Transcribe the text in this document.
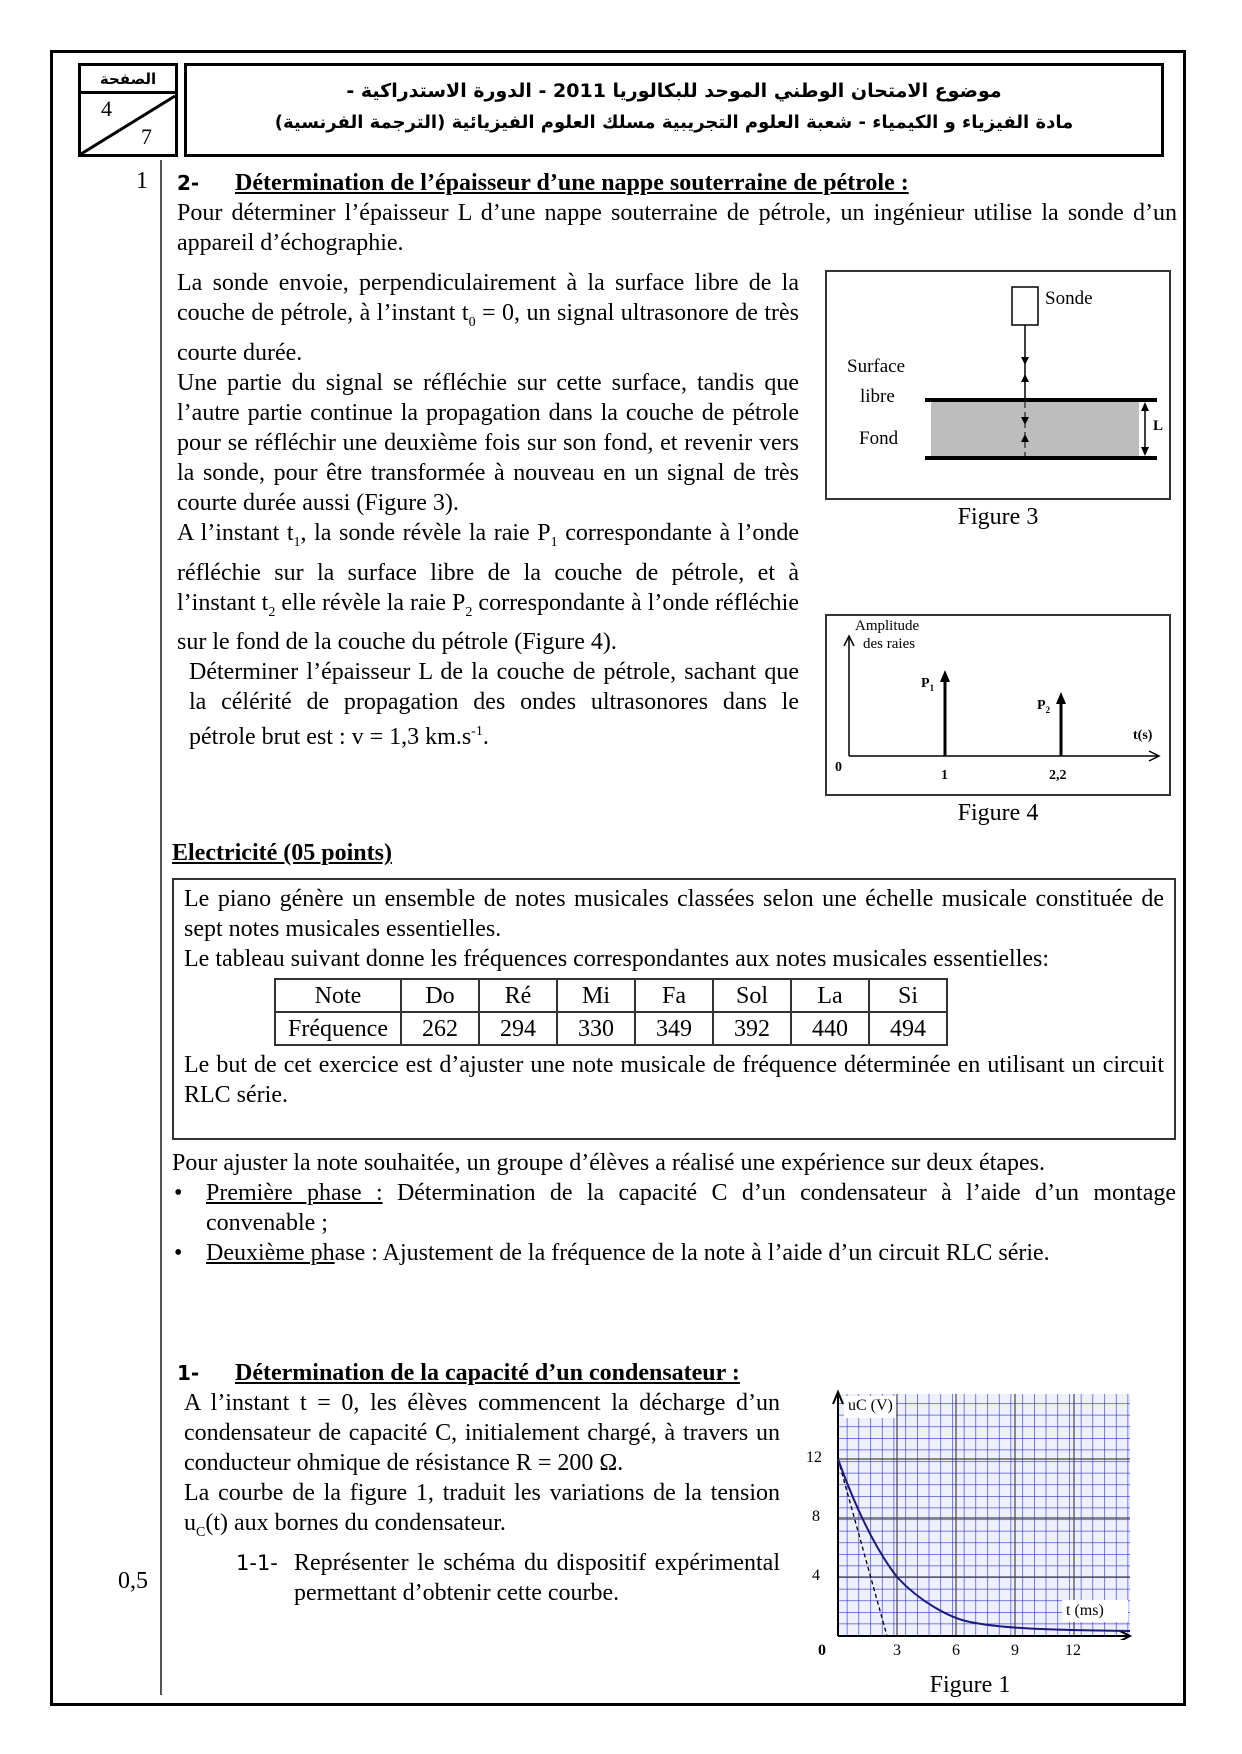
الصفحة
4
7
موضوع الامتحان الوطني الموحد للبكالوريا 2011 - الدورة الاستدراكية -
مادة الفيزياء و الكيمياء - شعبة العلوم التجريبية مسلك العلوم الفيزيائية (الترجمة الفرنسية)
1
0,5
2- Détermination de l’épaisseur d’une nappe souterraine de pétrole :

Pour déterminer l’épaisseur L d’une nappe souterraine de pétrole, un ingénieur utilise la sonde d’un appareil d’échographie.

La sonde envoie, perpendiculairement à la surface libre de la couche de pétrole, à l’instant $t_0 = 0$, un signal ultrasonore de très courte durée.

Une partie du signal se réfléchie sur cette surface, tandis que l’autre partie continue la propagation dans la couche de pétrole pour se réfléchir une deuxième fois sur son fond, et revenir vers la sonde, pour être transformée à nouveau en un signal de très courte durée aussi (Figure 3).

A l’instant $t_1$, la sonde révèle la raie $P_1$ correspondante à l’onde réfléchie sur la surface libre de la couche de pétrole, et à l’instant $t_2$ elle révèle la raie $P_2$ correspondante à l’onde réfléchie sur le fond de la couche du pétrole (Figure 4).

Déterminer l’épaisseur L de la couche de pétrole, sachant que la célérité de propagation des ondes ultrasonores dans le pétrole brut est : v = 1,3 $km.s^{-1}$.

Sonde
Surface
libre
Fond
L
Figure 3
Amplitude
des raies
$P_1$
$P_2$
t(s)
0
1	2,2
Figure 4
Electricité (05 points)

Le piano génère un ensemble de notes musicales classées selon une échelle musicale constituée de sept notes musicales essentielles.

Le tableau suivant donne les fréquences correspondantes aux notes musicales essentielles:

Note	Do	Ré	Mi	Fa	Sol	La	Si
Fréquence	262	294	330	349	392	440	494

Le but de cet exercice est d’ajuster une note musicale de fréquence déterminée en utilisant un circuit RLC série.

Pour ajuster la note souhaitée, un groupe d’élèves a réalisé une expérience sur deux étapes.

• Première phase : Détermination de la capacité C d’un condensateur à l’aide d’un montage convenable ;
• Deuxième phase : Ajustement de la fréquence de la note à l’aide d’un circuit RLC série.
1- Détermination de la capacité d’un condensateur :

A l’instant t = 0, les élèves commencent la décharge d’un condensateur de capacité C, initialement chargé, à travers un conducteur ohmique de résistance R = 200 Ω.

La courbe de la figure 1, traduit les variations de la tension $u_C(t)$ aux bornes du condensateur.

1-1- Représenter le schéma du dispositif expérimental permettant d’obtenir cette courbe.

uC (V)
t (ms)
4
8
12
0	3	6	9	12
Figure 1
